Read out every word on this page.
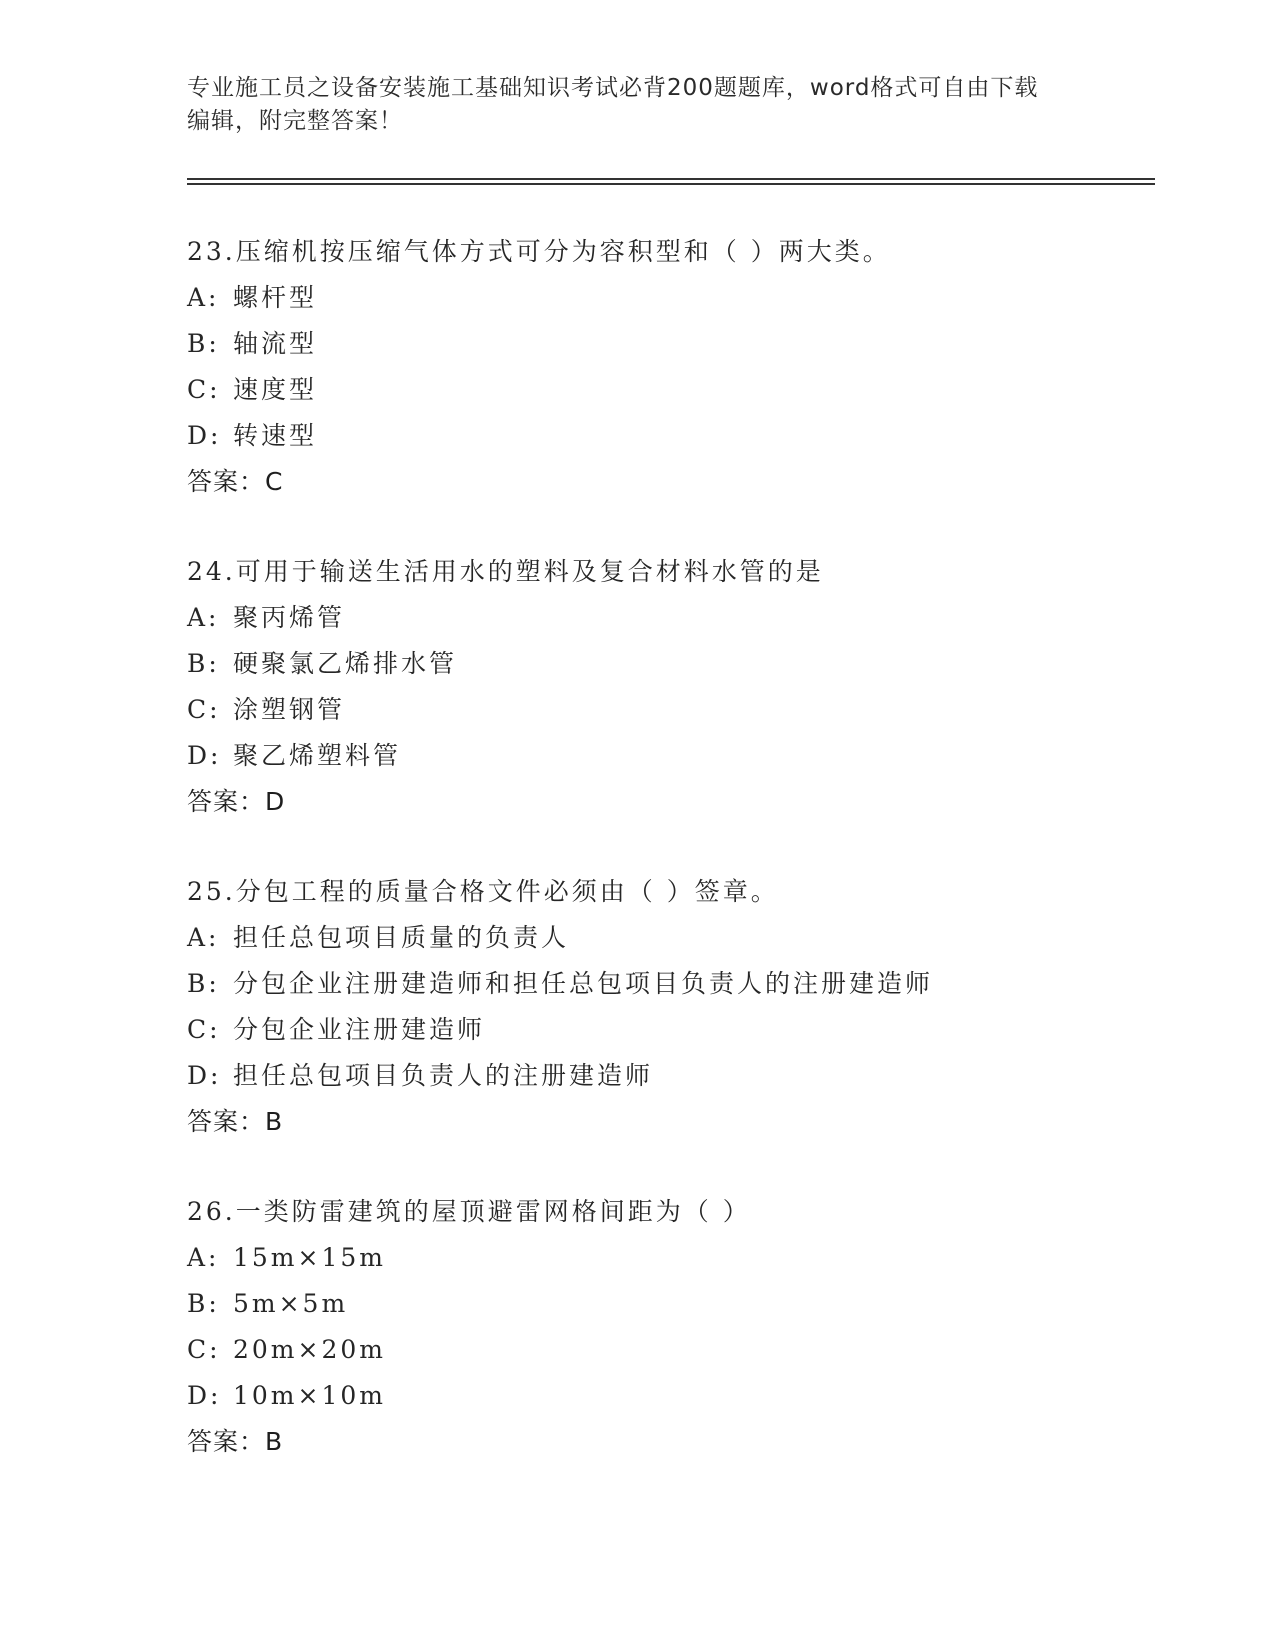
专业施工员之设备安装施工基础知识考试必背200题题库，word格式可自由下载
编辑，附完整答案！
23.压缩机按压缩气体方式可分为容积型和（ ）两大类。
A: 螺杆型
B: 轴流型
C: 速度型
D: 转速型
答案：C
24.可用于输送生活用水的塑料及复合材料水管的是
A: 聚丙烯管
B: 硬聚氯乙烯排水管
C: 涂塑钢管
D: 聚乙烯塑料管
答案：D
25.分包工程的质量合格文件必须由（ ）签章。
A: 担任总包项目质量的负责人
B: 分包企业注册建造师和担任总包项目负责人的注册建造师
C: 分包企业注册建造师
D: 担任总包项目负责人的注册建造师
答案：B
26.一类防雷建筑的屋顶避雷网格间距为（ ）
A: 15m×15m
B: 5m×5m
C: 20m×20m
D: 10m×10m
答案：B
